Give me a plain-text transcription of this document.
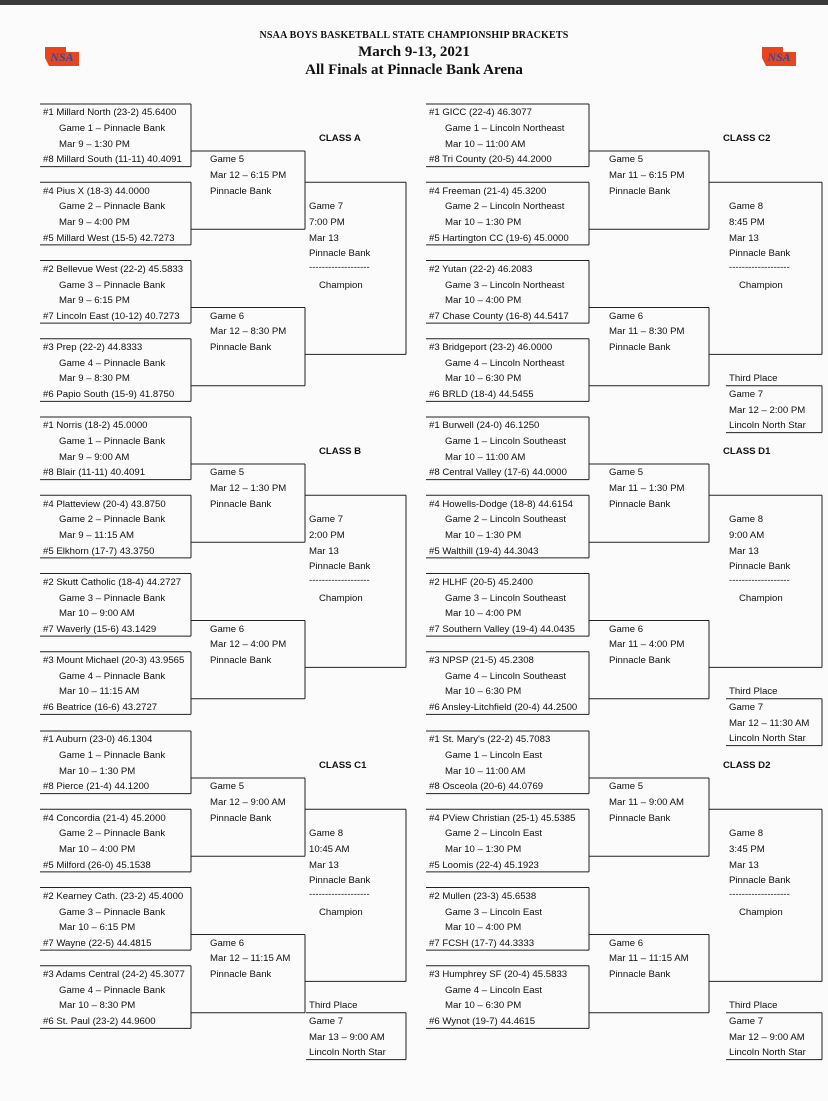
NSAA BOYS BASKETBALL STATE CHAMPIONSHIP BRACKETS
March 9-13, 2021
All Finals at Pinnacle Bank Arena
NSA	NSA
CLASS A
#1 Millard North (23-2) 45.6400
Game 1 – Pinnacle Bank
Mar 9 – 1:30 PM
#8 Millard South (11-11) 40.4091
#4 Pius X (18-3) 44.0000
Game 2 – Pinnacle Bank
Mar 9 – 4:00 PM
#5 Millard West (15-5) 42.7273
#2 Bellevue West (22-2) 45.5833
Game 3 – Pinnacle Bank
Mar 9 – 6:15 PM
#7 Lincoln East (10-12) 40.7273
#3 Prep (22-2) 44.8333
Game 4 – Pinnacle Bank
Mar 9 – 8:30 PM
#6 Papio South (15-9) 41.8750
Game 5
Mar 12 – 6:15 PM
Pinnacle Bank
Game 6
Mar 12 – 8:30 PM
Pinnacle Bank
Game 7
7:00 PM
Mar 13
Pinnacle Bank
-------------------
Champion
CLASS C2
#1 GICC (22-4) 46.3077
Game 1 – Lincoln Northeast
Mar 10 – 11:00 AM
#8 Tri County (20-5) 44.2000
#4 Freeman (21-4) 45.3200
Game 2 – Lincoln Northeast
Mar 10 – 1:30 PM
#5 Hartington CC (19-6) 45.0000
#2 Yutan (22-2) 46.2083
Game 3 – Lincoln Northeast
Mar 10 – 4:00 PM
#7 Chase County (16-8) 44.5417
#3 Bridgeport (23-2) 46.0000
Game 4 – Lincoln Northeast
Mar 10 – 6:30 PM
#6 BRLD (18-4) 44.5455
Game 5
Mar 11 – 6:15 PM
Pinnacle Bank
Game 6
Mar 11 – 8:30 PM
Pinnacle Bank
Game 8
8:45 PM
Mar 13
Pinnacle Bank
-------------------
Champion
Third Place
Game 7
Mar 12 – 2:00 PM
Lincoln North Star
CLASS B
#1 Norris (18-2) 45.0000
Game 1 – Pinnacle Bank
Mar 9 – 9:00 AM
#8 Blair (11-11) 40.4091
#4 Platteview (20-4) 43.8750
Game 2 – Pinnacle Bank
Mar 9 – 11:15 AM
#5 Elkhorn (17-7) 43.3750
#2 Skutt Catholic (18-4) 44.2727
Game 3 – Pinnacle Bank
Mar 10 – 9:00 AM
#7 Waverly (15-6) 43.1429
#3 Mount Michael (20-3) 43.9565
Game 4 – Pinnacle Bank
Mar 10 – 11:15 AM
#6 Beatrice (16-6) 43.2727
Game 5
Mar 12 – 1:30 PM
Pinnacle Bank
Game 6
Mar 12 – 4:00 PM
Pinnacle Bank
Game 7
2:00 PM
Mar 13
Pinnacle Bank
-------------------
Champion
CLASS D1
#1 Burwell (24-0) 46.1250
Game 1 – Lincoln Southeast
Mar 10 – 11:00 AM
#8 Central Valley (17-6) 44.0000
#4 Howells-Dodge (18-8) 44.6154
Game 2 – Lincoln Southeast
Mar 10 – 1:30 PM
#5 Walthill (19-4) 44.3043
#2 HLHF (20-5) 45.2400
Game 3 – Lincoln Southeast
Mar 10 – 4:00 PM
#7 Southern Valley (19-4) 44.0435
#3 NPSP (21-5) 45.2308
Game 4 – Lincoln Southeast
Mar 10 – 6:30 PM
#6 Ansley-Litchfield (20-4) 44.2500
Game 5
Mar 11 – 1:30 PM
Pinnacle Bank
Game 6
Mar 11 – 4:00 PM
Pinnacle Bank
Game 8
9:00 AM
Mar 13
Pinnacle Bank
-------------------
Champion
Third Place
Game 7
Mar 12 – 11:30 AM
Lincoln North Star
CLASS C1
#1 Auburn (23-0) 46.1304
Game 1 – Pinnacle Bank
Mar 10 – 1:30 PM
#8 Pierce (21-4) 44.1200
#4 Concordia (21-4) 45.2000
Game 2 – Pinnacle Bank
Mar 10 – 4:00 PM
#5 Milford (26-0) 45.1538
#2 Kearney Cath. (23-2) 45.4000
Game 3 – Pinnacle Bank
Mar 10 – 6:15 PM
#7 Wayne (22-5) 44.4815
#3 Adams Central (24-2) 45.3077
Game 4 – Pinnacle Bank
Mar 10 – 8:30 PM
#6 St. Paul (23-2) 44.9600
Game 5
Mar 12 – 9:00 AM
Pinnacle Bank
Game 6
Mar 12 – 11:15 AM
Pinnacle Bank
Game 8
10:45 AM
Mar 13
Pinnacle Bank
-------------------
Champion
Third Place
Game 7
Mar 13 – 9:00 AM
Lincoln North Star
CLASS D2
#1 St. Mary's (22-2) 45.7083
Game 1 – Lincoln East
Mar 10 – 11:00 AM
#8 Osceola (20-6) 44.0769
#4 PView Christian (25-1) 45.5385
Game 2 – Lincoln East
Mar 10 – 1:30 PM
#5 Loomis (22-4) 45.1923
#2 Mullen (23-3) 45.6538
Game 3 – Lincoln East
Mar 10 – 4:00 PM
#7 FCSH (17-7) 44.3333
#3 Humphrey SF (20-4) 45.5833
Game 4 – Lincoln East
Mar 10 – 6:30 PM
#6 Wynot (19-7) 44.4615
Game 5
Mar 11 – 9:00 AM
Pinnacle Bank
Game 6
Mar 11 – 11:15 AM
Pinnacle Bank
Game 8
3:45 PM
Mar 13
Pinnacle Bank
-------------------
Champion
Third Place
Game 7
Mar 12 – 9:00 AM
Lincoln North Star
